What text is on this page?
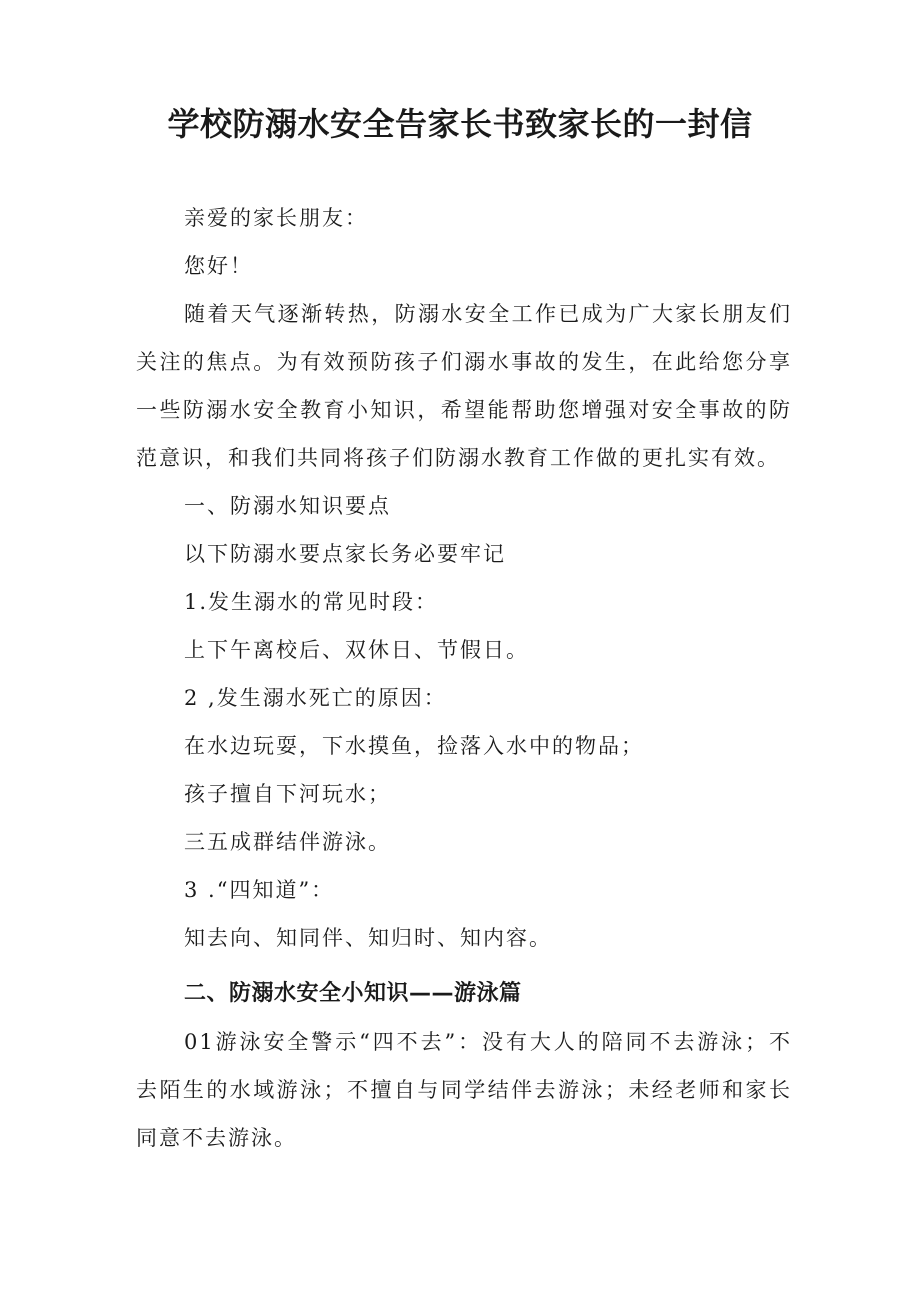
学校防溺水安全告家长书致家长的一封信

亲爱的家长朋友：

您好！

随着天气逐渐转热，防溺水安全工作已成为广大家长朋友们关注的焦点。为有效预防孩子们溺水事故的发生，在此给您分享一些防溺水安全教育小知识，希望能帮助您增强对安全事故的防范意识，和我们共同将孩子们防溺水教育工作做的更扎实有效。

一、防溺水知识要点

以下防溺水要点家长务必要牢记

1.发生溺水的常见时段：

上下午离校后、双休日、节假日。

2 ,发生溺水死亡的原因：

在水边玩耍，下水摸鱼，捡落入水中的物品；

孩子擅自下河玩水；

三五成群结伴游泳。

3 .“四知道”：

知去向、知同伴、知归时、知内容。

二、防溺水安全小知识——游泳篇

01游泳安全警示“四不去”：没有大人的陪同不去游泳；不去陌生的水域游泳；不擅自与同学结伴去游泳；未经老师和家长同意不去游泳。
